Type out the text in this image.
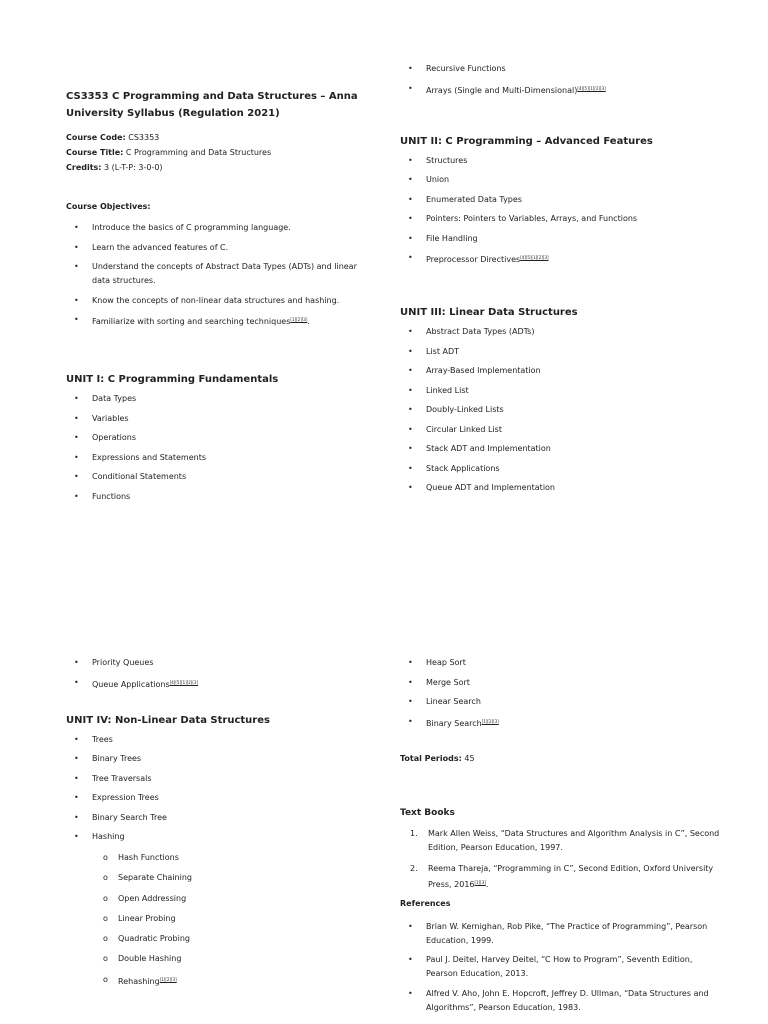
CS3353 C Programming and Data Structures – Anna University Syllabus (Regulation 2021)
Course Code: CS3353
Course Title: C Programming and Data Structures
Credits: 3 (L-T-P: 3-0-0)
Course Objectives:
• Introduce the basics of C programming language.
• Learn the advanced features of C.
• Understand the concepts of Abstract Data Types (ADTs) and linear data structures.
• Know the concepts of non-linear data structures and hashing.
• Familiarize with sorting and searching techniques[1][2][3].
UNIT I: C Programming Fundamentals
• Data Types
• Variables
• Operations
• Expressions and Statements
• Conditional Statements
• Functions
• Recursive Functions
• Arrays (Single and Multi-Dimensional)[4][5][1][2][3]
UNIT II: C Programming – Advanced Features
• Structures
• Union
• Enumerated Data Types
• Pointers: Pointers to Variables, Arrays, and Functions
• File Handling
• Preprocessor Directives[4][5][1][2][3]
UNIT III: Linear Data Structures
• Abstract Data Types (ADTs)
• List ADT
• Array-Based Implementation
• Linked List
• Doubly-Linked Lists
• Circular Linked List
• Stack ADT and Implementation
• Stack Applications
• Queue ADT and Implementation
• Priority Queues
• Queue Applications[4][5][1][2][3]
UNIT IV: Non-Linear Data Structures
• Trees
• Binary Trees
• Tree Traversals
• Expression Trees
• Binary Search Tree
• Hashing
o Hash Functions
o Separate Chaining
o Open Addressing
o Linear Probing
o Quadratic Probing
o Double Hashing
o Rehashing[1][2][3]
• Heap Sort
• Merge Sort
• Linear Search
• Binary Search[1][2][3]
Total Periods: 45
Text Books
1. Mark Allen Weiss, “Data Structures and Algorithm Analysis in C”, Second Edition, Pearson Education, 1997.
2. Reema Thareja, “Programming in C”, Second Edition, Oxford University Press, 2016[1][3].
References
• Brian W. Kernighan, Rob Pike, “The Practice of Programming”, Pearson Education, 1999.
• Paul J. Deitel, Harvey Deitel, “C How to Program”, Seventh Edition, Pearson Education, 2013.
• Alfred V. Aho, John E. Hopcroft, Jeffrey D. Ullman, “Data Structures and Algorithms”, Pearson Education, 1983.
